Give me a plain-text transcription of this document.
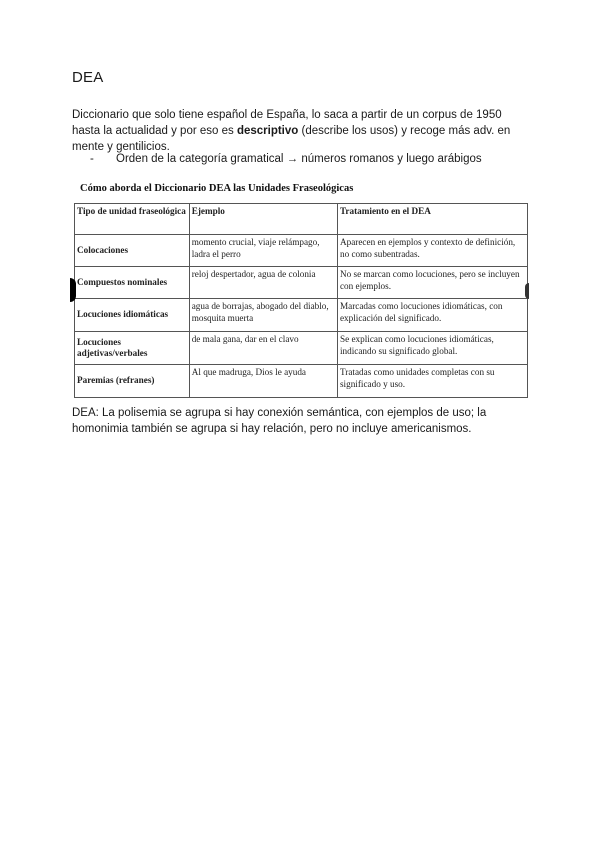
DEA

Diccionario que solo tiene español de España, lo saca a partir de un corpus de 1950 hasta la actualidad y por eso es descriptivo (describe los usos) y recoge más adv. en mente y gentilicios.

- Orden de la categoría gramatical → números romanos y luego arábigos

Cómo aborda el Diccionario DEA las Unidades Fraseológicas

Tipo de unidad fraseológica	Ejemplo	Tratamiento en el DEA
Colocaciones	momento crucial, viaje relámpago, ladra el perro	Aparecen en ejemplos y contexto de definición, no como subentradas.
Compuestos nominales	reloj despertador, agua de colonia	No se marcan como locuciones, pero se incluyen con ejemplos.
Locuciones idiomáticas	agua de borrajas, abogado del diablo, mosquita muerta	Marcadas como locuciones idiomáticas, con explicación del significado.
Locuciones adjetivas/verbales	de mala gana, dar en el clavo	Se explican como locuciones idiomáticas, indicando su significado global.
Paremias (refranes)	Al que madruga, Dios le ayuda	Tratadas como unidades completas con su significado y uso.

DEA: La polisemia se agrupa si hay conexión semántica, con ejemplos de uso; la homonimia también se agrupa si hay relación, pero no incluye americanismos.
